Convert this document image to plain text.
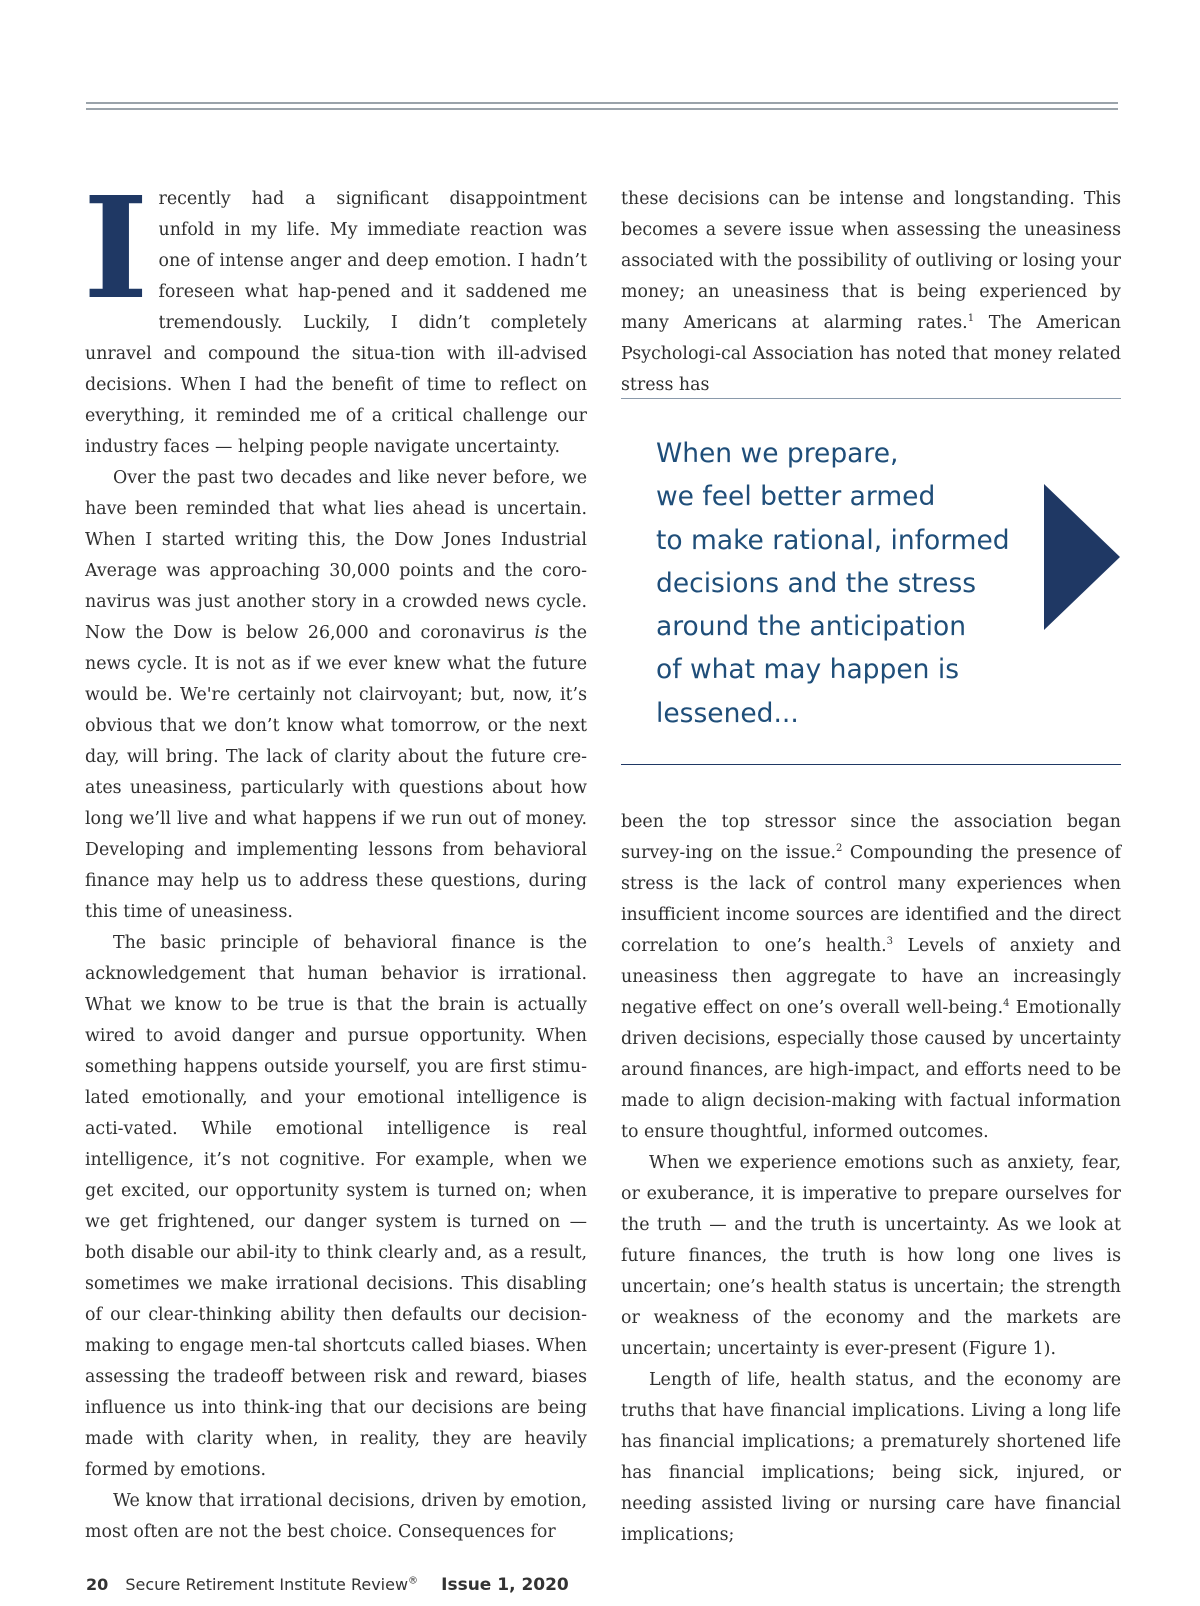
Irecently had a significant disappointment unfold in my life. My immediate reaction was one of intense anger and deep emotion. I hadn’t foreseen what hap-pened and it saddened me tremendously. Luckily, I didn’t completely unravel and compound the situa-tion with ill-advised decisions. When I had the benefit of time to reflect on everything, it reminded me of a critical challenge our industry faces — helping people navigate uncertainty.

Over the past two decades and like never before, we have been reminded that what lies ahead is uncertain. When I started writing this, the Dow Jones Industrial Average was approaching 30,000 points and the coro-navirus was just another story in a crowded news cycle. Now the Dow is below 26,000 and coronavirus is the news cycle. It is not as if we ever knew what the future would be. We're certainly not clairvoyant; but, now, it’s obvious that we don’t know what tomorrow, or the next day, will bring. The lack of clarity about the future cre-ates uneasiness, particularly with questions about how long we’ll live and what happens if we run out of money. Developing and implementing lessons from behavioral finance may help us to address these questions, during this time of uneasiness.

The basic principle of behavioral finance is the acknowledgement that human behavior is irrational. What we know to be true is that the brain is actually wired to avoid danger and pursue opportunity. When something happens outside yourself, you are first stimu-lated emotionally, and your emotional intelligence is acti-vated. While emotional intelligence is real intelligence, it’s not cognitive. For example, when we get excited, our opportunity system is turned on; when we get frightened, our danger system is turned on — both disable our abil-ity to think clearly and, as a result, sometimes we make irrational decisions. This disabling of our clear-thinking ability then defaults our decision-making to engage men-tal shortcuts called biases. When assessing the tradeoff between risk and reward, biases influence us into think-ing that our decisions are being made with clarity when, in reality, they are heavily formed by emotions.

We know that irrational decisions, driven by emotion, most often are not the best choice. Consequences for

these decisions can be intense and longstanding. This becomes a severe issue when assessing the uneasiness associated with the possibility of outliving or losing your money; an uneasiness that is being experienced by many Americans at alarming rates.$^1$ The American Psychologi-cal Association has noted that money related stress has

When we prepare,
we feel better armed
to make rational, informed
decisions and the stress
around the anticipation
of what may happen is
lessened...

been the top stressor since the association began survey-ing on the issue.$^2$ Compounding the presence of stress is the lack of control many experiences when insufficient income sources are identified and the direct correlation to one’s health.$^3$ Levels of anxiety and uneasiness then aggregate to have an increasingly negative effect on one’s overall well-being.$^4$ Emotionally driven decisions, especially those caused by uncertainty around finances, are high-impact, and efforts need to be made to align decision-making with factual information to ensure thoughtful, informed outcomes.

When we experience emotions such as anxiety, fear, or exuberance, it is imperative to prepare ourselves for the truth — and the truth is uncertainty. As we look at future finances, the truth is how long one lives is uncertain; one’s health status is uncertain; the strength or weakness of the economy and the markets are uncertain; uncertainty is ever-present (Figure 1).

Length of life, health status, and the economy are truths that have financial implications. Living a long life has financial implications; a prematurely shortened life has financial implications; being sick, injured, or needing assisted living or nursing care have financial implications;

20 Secure Retirement Institute Review® Issue 1, 2020
